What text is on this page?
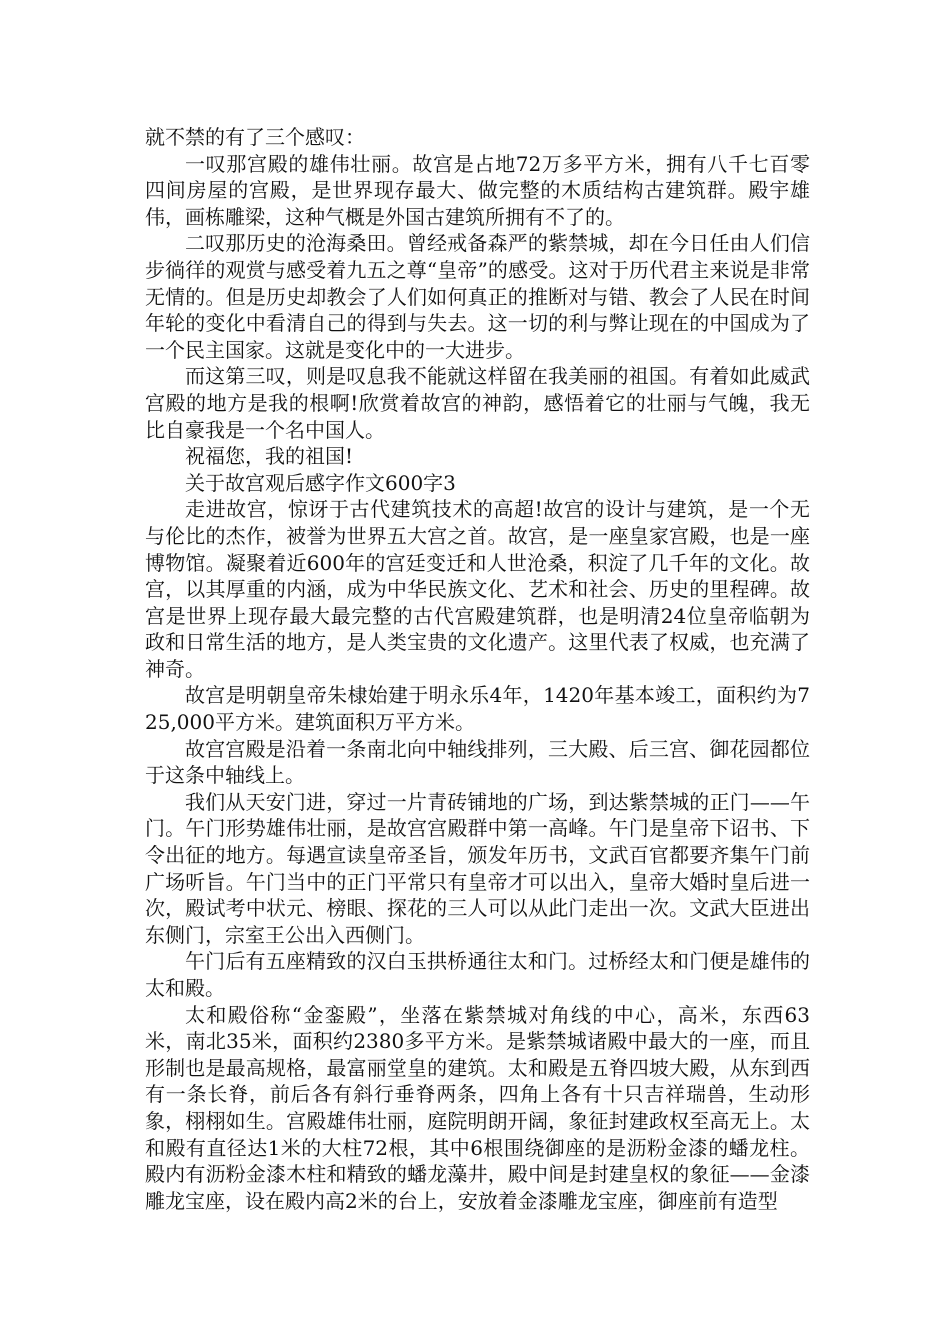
就不禁的有了三个感叹：

一叹那宫殿的雄伟壮丽。故宫是占地72万多平方米，拥有八千七百零四间房屋的宫殿，是世界现存最大、做完整的木质结构古建筑群。殿宇雄伟，画栋雕梁，这种气概是外国古建筑所拥有不了的。

二叹那历史的沧海桑田。曾经戒备森严的紫禁城，却在今日任由人们信步徜徉的观赏与感受着九五之尊“皇帝”的感受。这对于历代君主来说是非常无情的。但是历史却教会了人们如何真正的推断对与错、教会了人民在时间年轮的变化中看清自己的得到与失去。这一切的利与弊让现在的中国成为了一个民主国家。这就是变化中的一大进步。

而这第三叹，则是叹息我不能就这样留在我美丽的祖国。有着如此威武宫殿的地方是我的根啊!欣赏着故宫的神韵，感悟着它的壮丽与气魄，我无比自豪我是一个名中国人。

祝福您，我的祖国!

关于故宫观后感字作文600字3

走进故宫，惊讶于古代建筑技术的高超!故宫的设计与建筑，是一个无与伦比的杰作，被誉为世界五大宫之首。故宫，是一座皇家宫殿，也是一座博物馆。凝聚着近600年的宫廷变迁和人世沧桑，积淀了几千年的文化。故宫，以其厚重的内涵，成为中华民族文化、艺术和社会、历史的里程碑。故宫是世界上现存最大最完整的古代宫殿建筑群，也是明清24位皇帝临朝为政和日常生活的地方，是人类宝贵的文化遗产。这里代表了权威，也充满了神奇。

故宫是明朝皇帝朱棣始建于明永乐4年，1420年基本竣工，面积约为725,000平方米。建筑面积万平方米。

故宫宫殿是沿着一条南北向中轴线排列，三大殿、后三宫、御花园都位于这条中轴线上。

我们从天安门进，穿过一片青砖铺地的广场，到达紫禁城的正门——午门。午门形势雄伟壮丽，是故宫宫殿群中第一高峰。午门是皇帝下诏书、下令出征的地方。每遇宣读皇帝圣旨，颁发年历书，文武百官都要齐集午门前广场听旨。午门当中的正门平常只有皇帝才可以出入，皇帝大婚时皇后进一次，殿试考中状元、榜眼、探花的三人可以从此门走出一次。文武大臣进出东侧门，宗室王公出入西侧门。

午门后有五座精致的汉白玉拱桥通往太和门。过桥经太和门便是雄伟的太和殿。

太和殿俗称“金銮殿”，坐落在紫禁城对角线的中心，高米，东西63米，南北35米，面积约2380多平方米。是紫禁城诸殿中最大的一座，而且形制也是最高规格，最富丽堂皇的建筑。太和殿是五脊四坡大殿，从东到西有一条长脊，前后各有斜行垂脊两条，四角上各有十只吉祥瑞兽，生动形象，栩栩如生。宫殿雄伟壮丽，庭院明朗开阔，象征封建政权至高无上。太和殿有直径达1米的大柱72根，其中6根围绕御座的是沥粉金漆的蟠龙柱。殿内有沥粉金漆木柱和精致的蟠龙藻井，殿中间是封建皇权的象征——金漆雕龙宝座，设在殿内高2米的台上，安放着金漆雕龙宝座，御座前有造型
